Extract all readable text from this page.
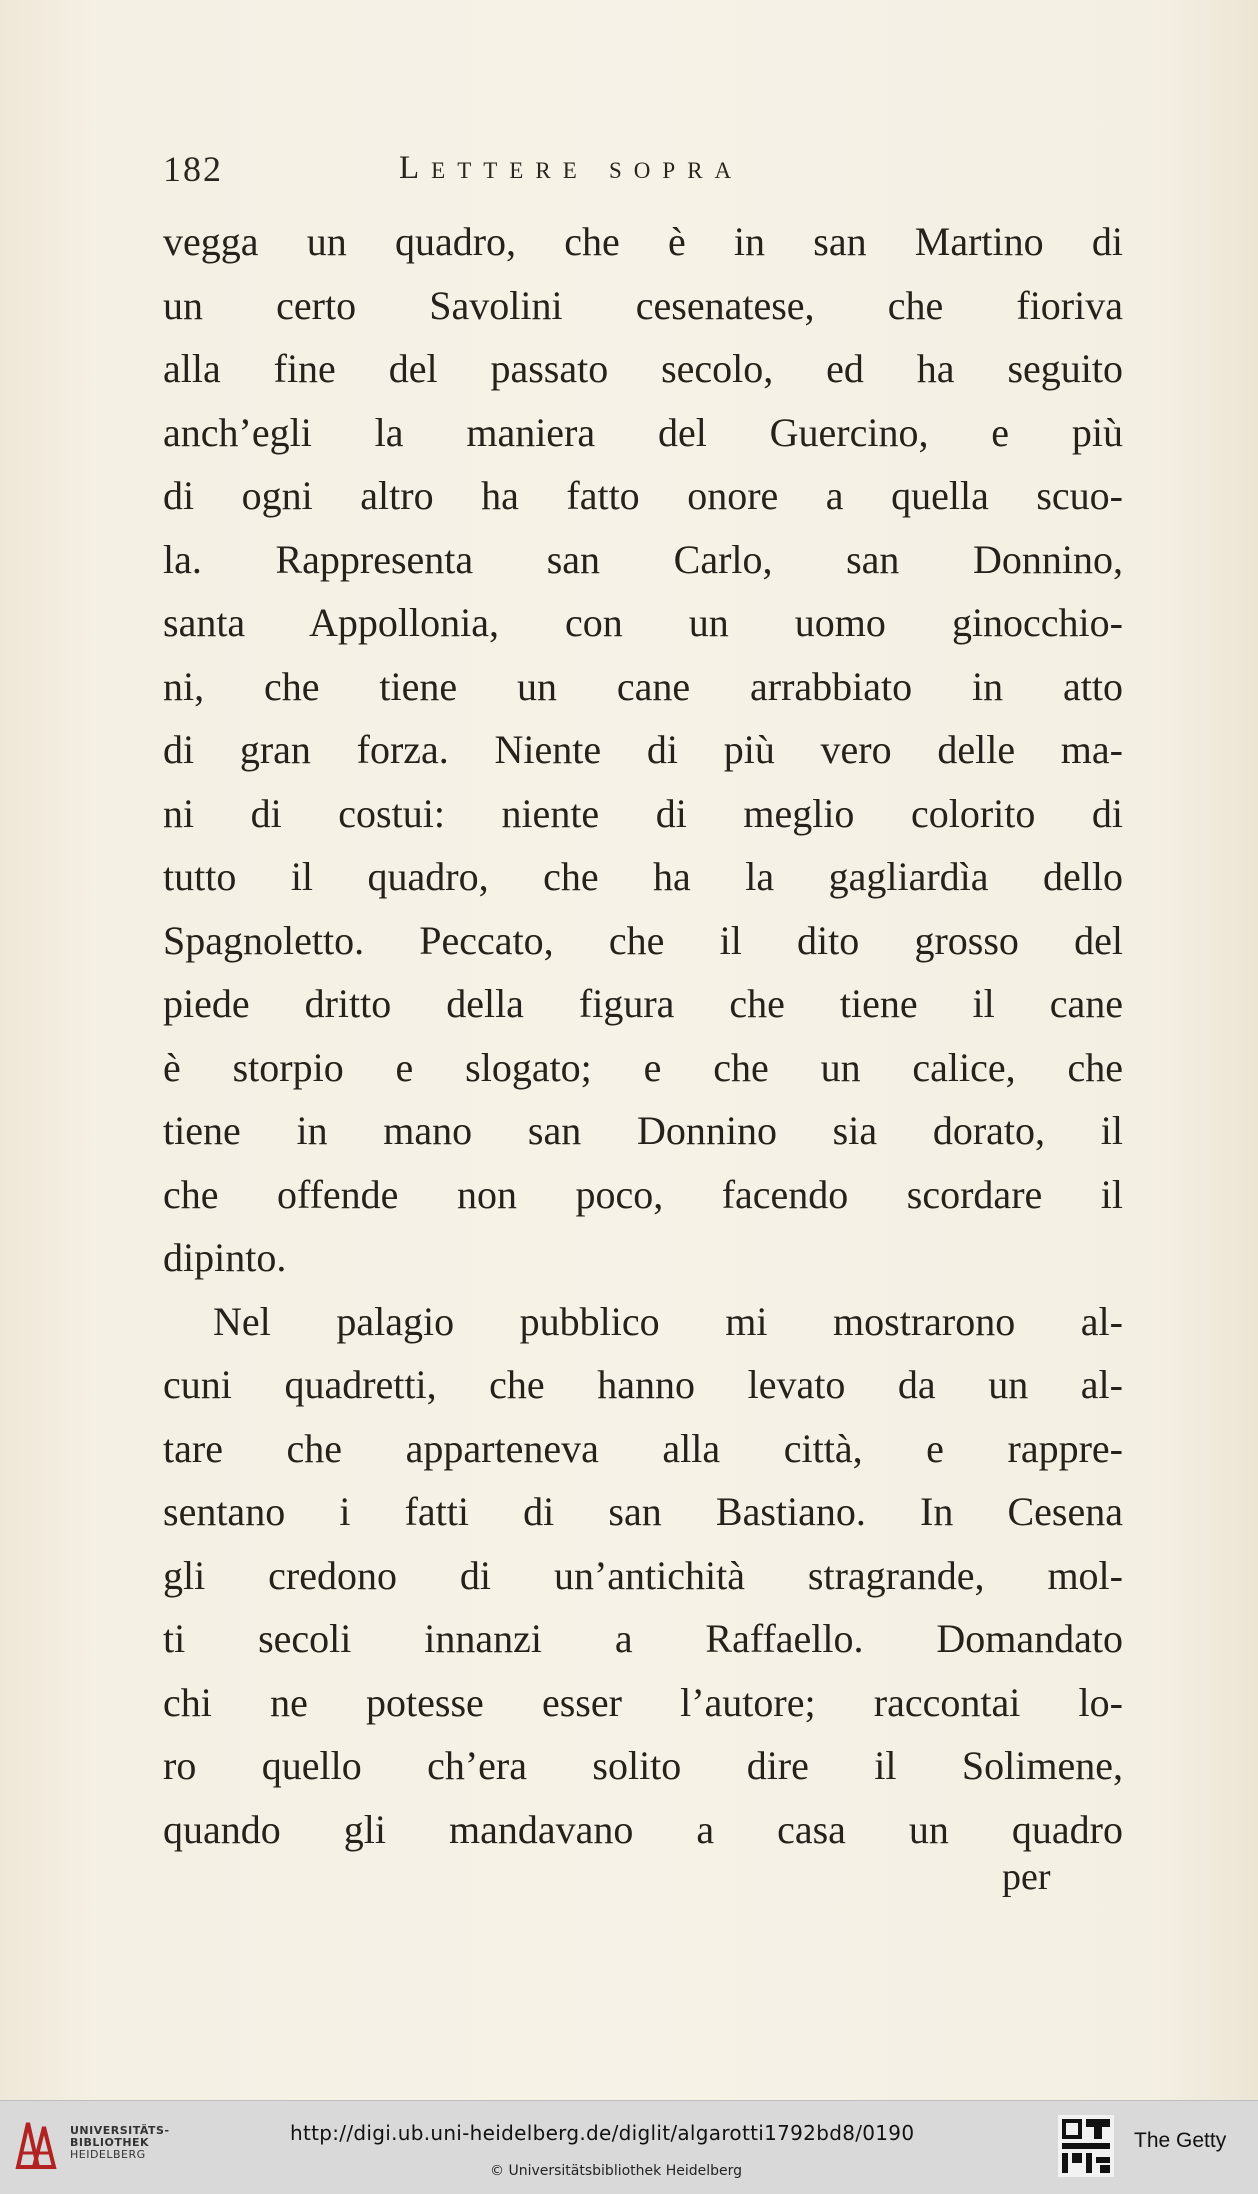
182	Lettere sopra
vegga un quadro, che è in san Martino di
un certo Savolini cesenatese, che fioriva
alla fine del passato secolo, ed ha seguito
anch’egli la maniera del Guercino, e più
di ogni altro ha fatto onore a quella scuo-
la. Rappresenta san Carlo, san Donnino,
santa Appollonia, con un uomo ginocchio-
ni, che tiene un cane arrabbiato in atto
di gran forza. Niente di più vero delle ma-
ni di costui: niente di meglio colorito di
tutto il quadro, che ha la gagliardìa dello
Spagnoletto. Peccato, che il dito grosso del
piede dritto della figura che tiene il cane
è storpio e slogato; e che un calice, che
tiene in mano san Donnino sia dorato, il
che offende non poco, facendo scordare il
dipinto.
Nel palagio pubblico mi mostrarono al-
cuni quadretti, che hanno levato da un al-
tare che apparteneva alla città, e rappre-
sentano i fatti di san Bastiano. In Cesena
gli credono di un’antichità stragrande, mol-
ti secoli innanzi a Raffaello. Domandato
chi ne potesse esser l’autore; raccontai lo-
ro quello ch’era solito dire il Solimene,
quando gli mandavano a casa un quadro
per
UNIVERSITÄTS-
BIBLIOTHEK
HEIDELBERG
http://digi.ub.uni-heidelberg.de/diglit/algarotti1792bd8/0190
© Universitätsbibliothek Heidelberg
The Getty
